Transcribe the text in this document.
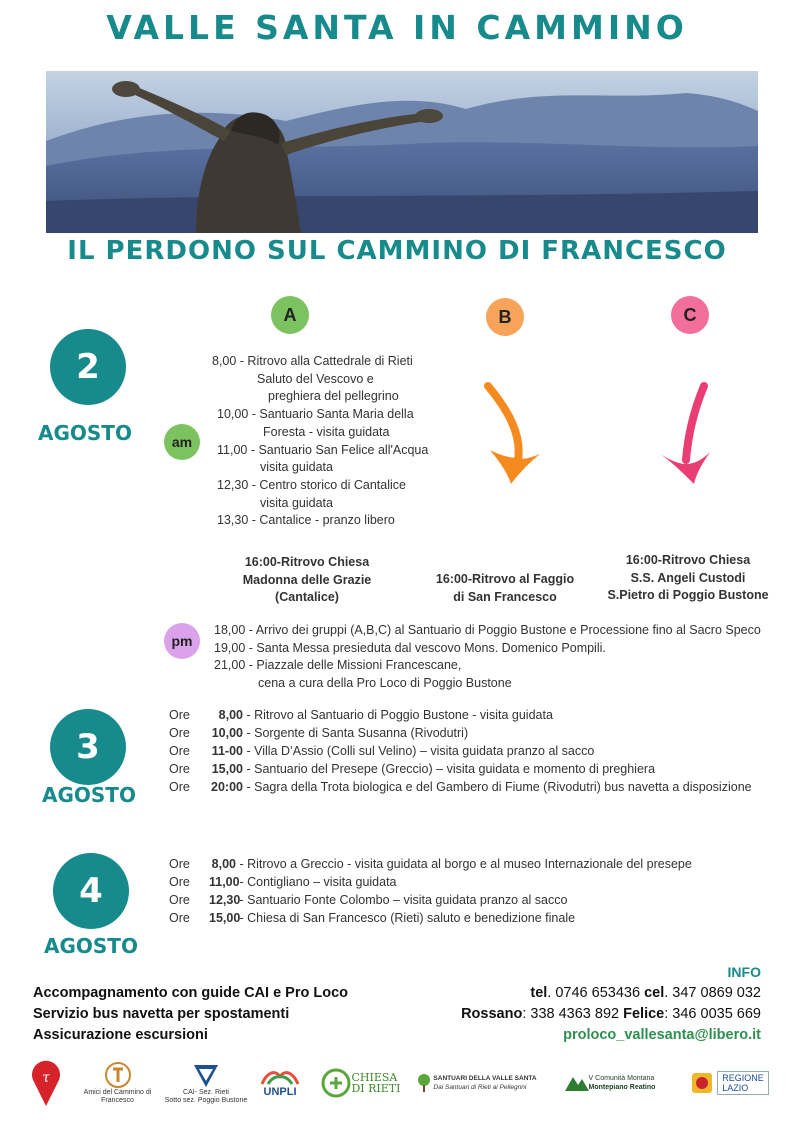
VALLE SANTA IN CAMMINO
IL PERDONO SUL CAMMINO DI FRANCESCO
A	B	C
2
AGOSTO	am
8,00 - Ritrovo alla Cattedrale di Rieti
Saluto del Vescovo e
preghiera del pellegrino
10,00 - Santuario Santa Maria della
Foresta - visita guidata
11,00 - Santuario San Felice all'Acqua
visita guidata
12,30 - Centro storico di Cantalice
visita guidata
13,30 - Cantalice - pranzo libero
16:00-Ritrovo Chiesa
Madonna delle Grazie
(Cantalice)
16:00-Ritrovo al Faggio
di San Francesco
16:00-Ritrovo Chiesa
S.S. Angeli Custodi
S.Pietro di Poggio Bustone
pm
18,00 - Arrivo dei gruppi (A,B,C) al Santuario di Poggio Bustone e Processione fino al Sacro Speco
19,00 - Santa Messa presieduta dal vescovo Mons. Domenico Pompili.
21,00 - Piazzale delle Missioni Francescane,
cena a cura della Pro Loco di Poggio Bustone
3
AGOSTO
Ore 8,00 - Ritrovo al Santuario di Poggio Bustone - visita guidata
Ore 10,00 - Sorgente di Santa Susanna (Rivodutri)
Ore 11-00 - Villa D’Assio (Colli sul Velino) – visita guidata pranzo al sacco
Ore 15,00 - Santuario del Presepe (Greccio) – visita guidata e momento di preghiera
Ore 20:00 - Sagra della Trota biologica e del Gambero di Fiume (Rivodutri) bus navetta a disposizione
4
AGOSTO
Ore 8,00 - Ritrovo a Greccio - visita guidata al borgo e al museo Internazionale del presepe
Ore 11,00 - Contigliano – visita guidata
Ore 12,30 - Santuario Fonte Colombo – visita guidata pranzo al sacco
Ore 15,00 - Chiesa di San Francesco (Rieti) saluto e benedizione finale
Accompagnamento con guide CAI e Pro Loco
Servizio bus navetta per spostamenti
Assicurazione escursioni
INFO
tel. 0746 653436 cel. 347 0869 032
Rossano: 338 4363 892 Felice: 346 0035 669
proloco_vallesanta@libero.it
τ
Amici del Cammino di Francesco
CAI- Sez. Rieti
Sotto sez. Poggio Bustone
UNPLI
CHIESA
DI RIETI
SANTUARI DELLA VALLE SANTA
Dai Santuari di Rieti ai Pellegrini
V Comunità Montana
Montepiano Reatino
REGIONE
LAZIO
